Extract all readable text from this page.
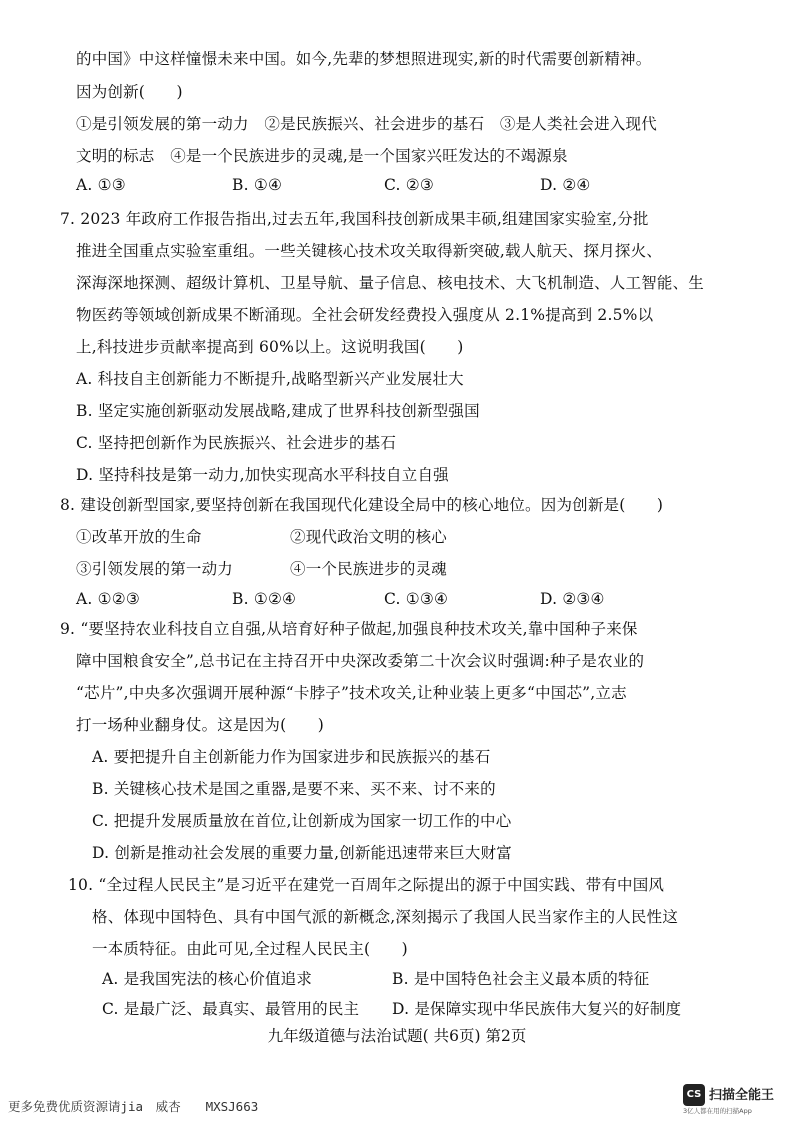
的中国》中这样憧憬未来中国。如今,先辈的梦想照进现实,新的时代需要创新精神。
因为创新(　　)
①是引领发展的第一动力　②是民族振兴、社会进步的基石　③是人类社会进入现代
文明的标志　④是一个民族进步的灵魂,是一个国家兴旺发达的不竭源泉
A. ①③	B. ①④	C. ②③	D. ②④
7. 2023 年政府工作报告指出,过去五年,我国科技创新成果丰硕,组建国家实验室,分批
推进全国重点实验室重组。一些关键核心技术攻关取得新突破,载人航天、探月探火、
深海深地探测、超级计算机、卫星导航、量子信息、核电技术、大飞机制造、人工智能、生
物医药等领域创新成果不断涌现。全社会研发经费投入强度从 2.1%提高到 2.5%以
上,科技进步贡献率提高到 60%以上。这说明我国(　　)
A. 科技自主创新能力不断提升,战略型新兴产业发展壮大
B. 坚定实施创新驱动发展战略,建成了世界科技创新型强国
C. 坚持把创新作为民族振兴、社会进步的基石
D. 坚持科技是第一动力,加快实现高水平科技自立自强
8. 建设创新型国家,要坚持创新在我国现代化建设全局中的核心地位。因为创新是(　　)
①改革开放的生命	②现代政治文明的核心
③引领发展的第一动力	④一个民族进步的灵魂
A. ①②③	B. ①②④	C. ①③④	D. ②③④
9. “要坚持农业科技自立自强,从培育好种子做起,加强良种技术攻关,靠中国种子来保
障中国粮食安全”,总书记在主持召开中央深改委第二十次会议时强调:种子是农业的
“芯片”,中央多次强调开展种源“卡脖子”技术攻关,让种业装上更多“中国芯”,立志
打一场种业翻身仗。这是因为(　　)
A. 要把提升自主创新能力作为国家进步和民族振兴的基石
B. 关键核心技术是国之重器,是要不来、买不来、讨不来的
C. 把提升发展质量放在首位,让创新成为国家一切工作的中心
D. 创新是推动社会发展的重要力量,创新能迅速带来巨大财富
10. “全过程人民民主”是习近平在建党一百周年之际提出的源于中国实践、带有中国风
格、体现中国特色、具有中国气派的新概念,深刻揭示了我国人民当家作主的人民性这
一本质特征。由此可见,全过程人民民主(　　)
A. 是我国宪法的核心价值追求	B. 是中国特色社会主义最本质的特征
C. 是最广泛、最真实、最管用的民主 D. 是保障实现中华民族伟大复兴的好制度
九年级道德与法治试题( 共6页) 第2页
更多免费优质资源请jia　威杏　　MXSJ663
CS 扫描全能王
3亿人都在用的扫描App
